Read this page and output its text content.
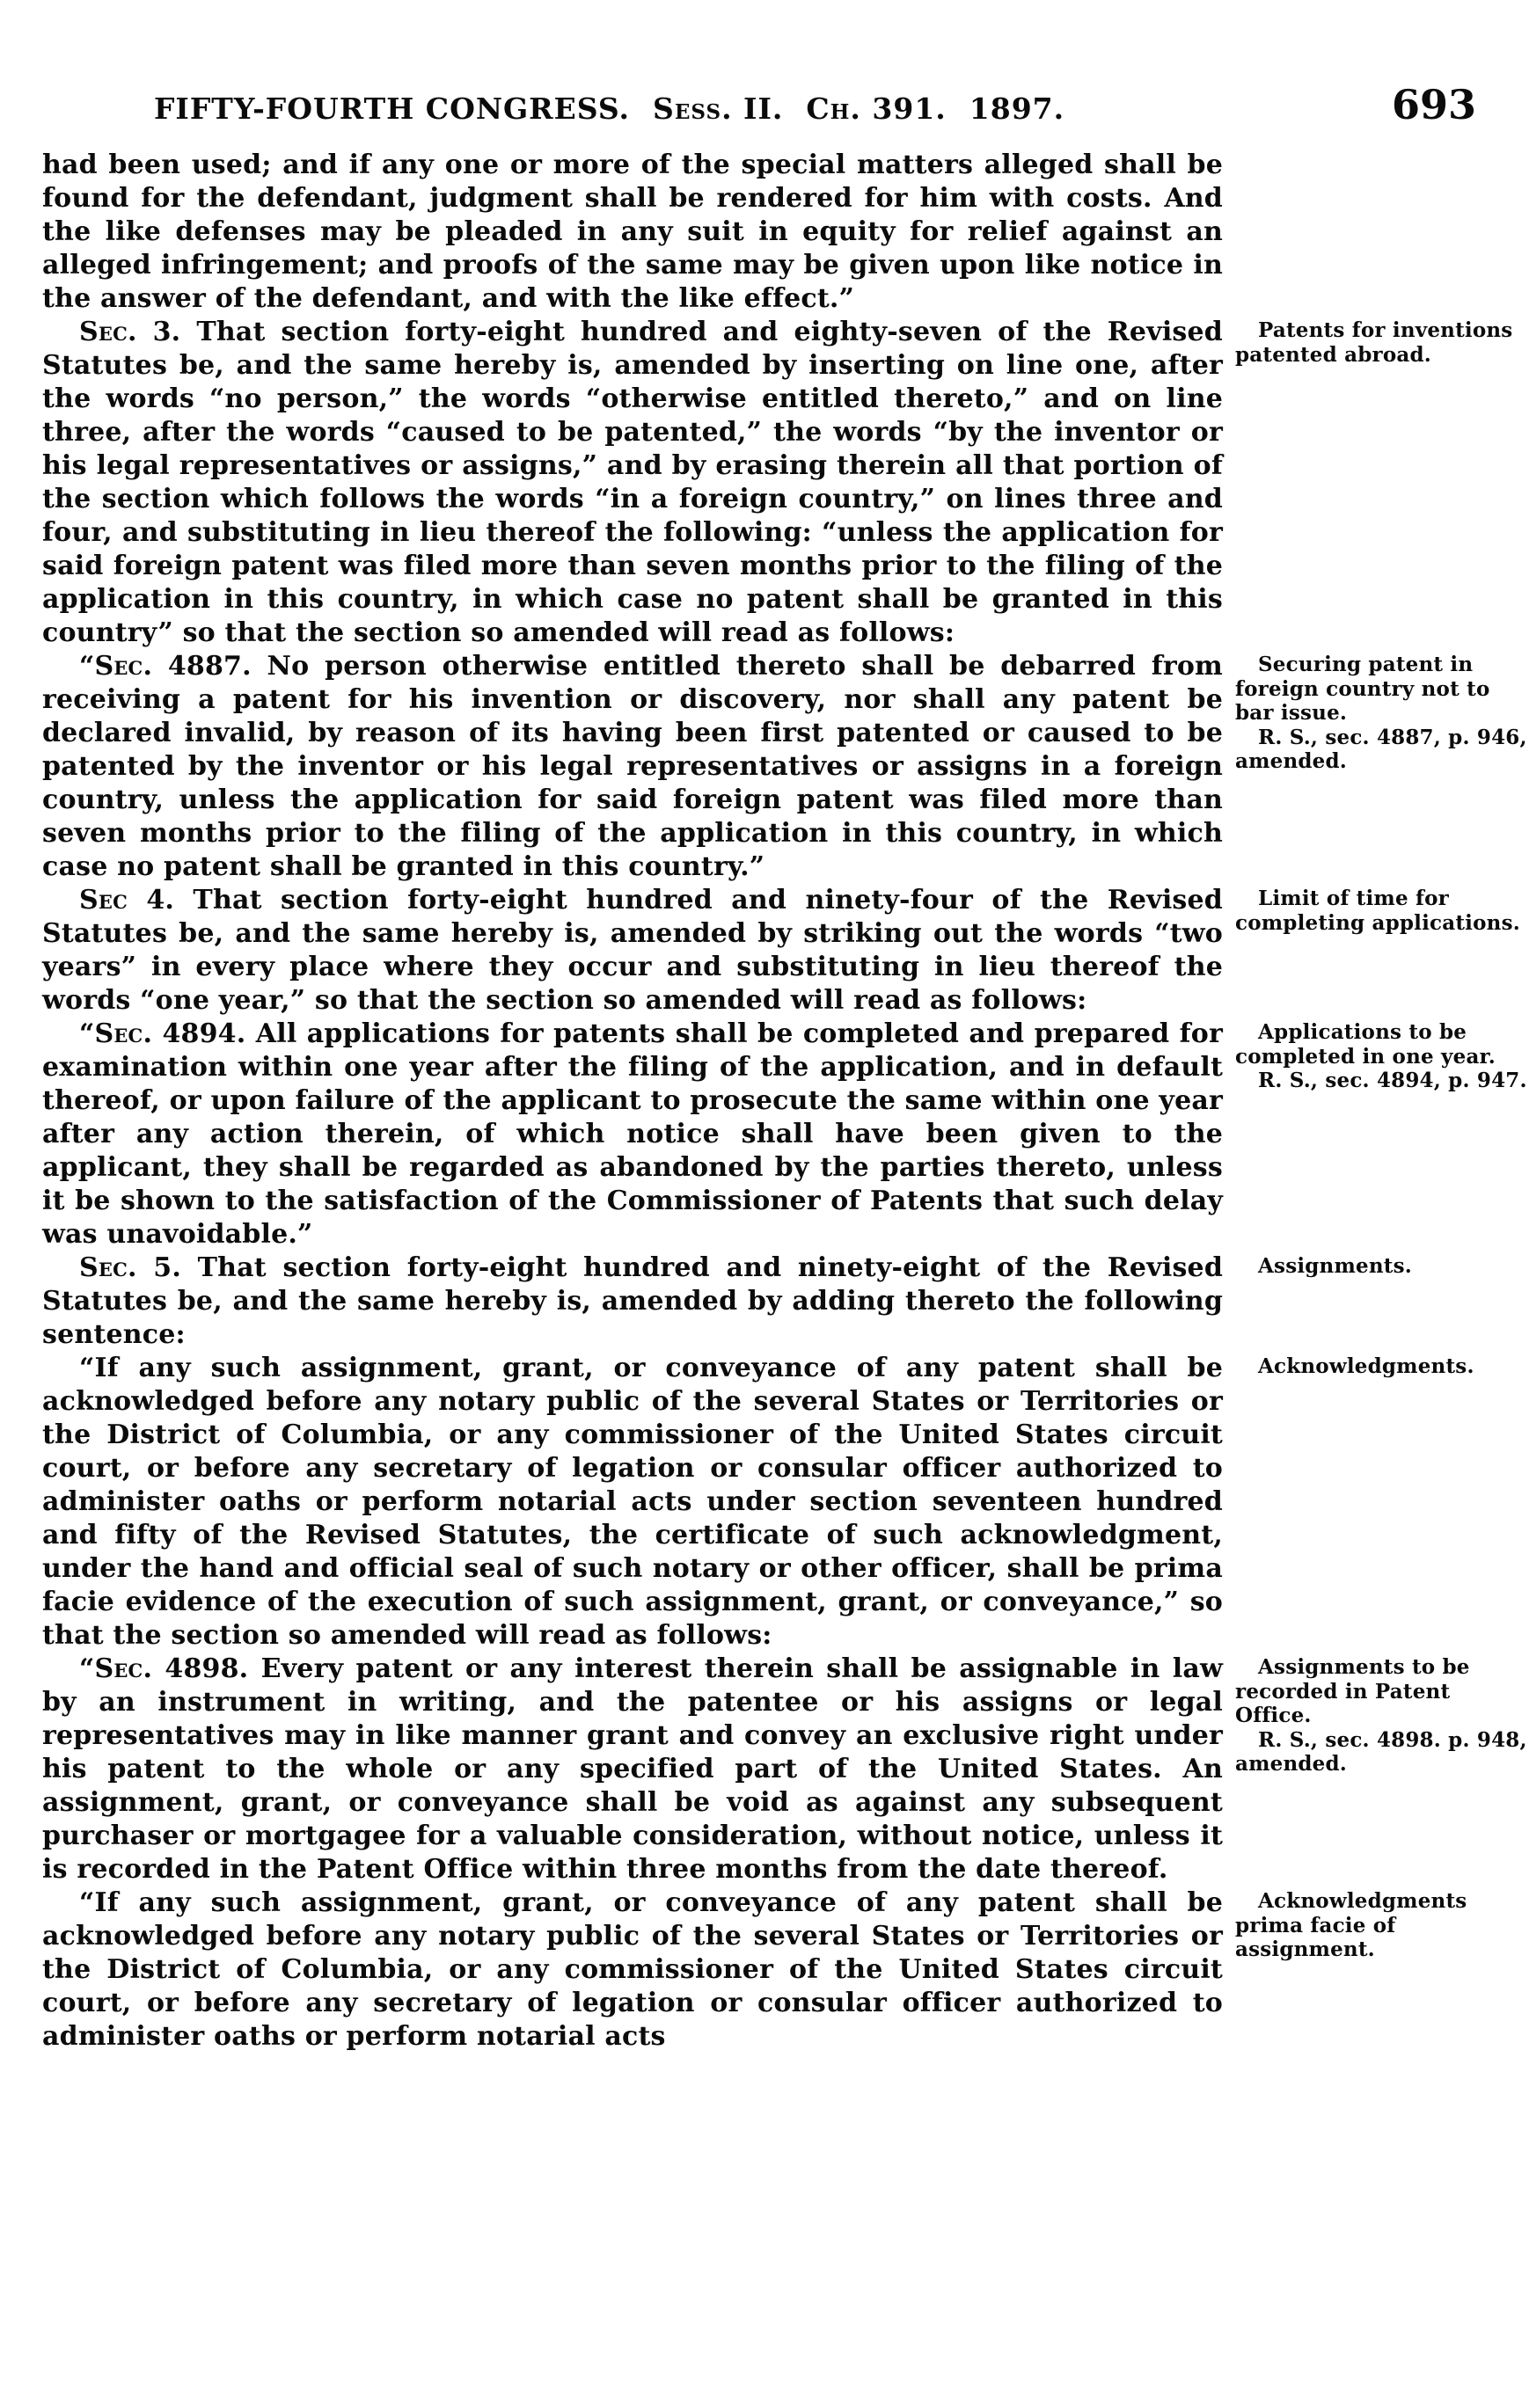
FIFTY-FOURTH CONGRESS. Sess. II. Ch. 391. 1897.	693

had been used; and if any one or more of the special matters alleged shall be found for the defendant, judgment shall be rendered for him with costs. And the like defenses may be pleaded in any suit in equity for relief against an alleged infringement; and proofs of the same may be given upon like notice in the answer of the defendant, and with the like effect.”

Sec. 3. That section forty-eight hundred and eighty-seven of the Revised Statutes be, and the same hereby is, amended by inserting on line one, after the words “no person,” the words “otherwise entitled thereto,” and on line three, after the words “caused to be patented,” the words “by the inventor or his legal representatives or assigns,” and by erasing therein all that portion of the section which follows the words “in a foreign country,” on lines three and four, and substituting in lieu thereof the following: “unless the application for said foreign patent was filed more than seven months prior to the filing of the application in this country, in which case no patent shall be granted in this country” so that the section so amended will read as follows:

Patents for inventions patented abroad.

“Sec. 4887. No person otherwise entitled thereto shall be debarred from receiving a patent for his invention or discovery, nor shall any patent be declared invalid, by reason of its having been first patented or caused to be patented by the inventor or his legal representatives or assigns in a foreign country, unless the application for said foreign patent was filed more than seven months prior to the filing of the application in this country, in which case no patent shall be granted in this country.”

Securing patent in foreign country not to bar issue.
R. S., sec. 4887, p. 946, amended.

Sec 4. That section forty-eight hundred and ninety-four of the Revised Statutes be, and the same hereby is, amended by striking out the words “two years” in every place where they occur and substituting in lieu thereof the words “one year,” so that the section so amended will read as follows:

Limit of time for completing applications.

“Sec. 4894. All applications for patents shall be completed and prepared for examination within one year after the filing of the application, and in default thereof, or upon failure of the applicant to prosecute the same within one year after any action therein, of which notice shall have been given to the applicant, they shall be regarded as abandoned by the parties thereto, unless it be shown to the satisfaction of the Commissioner of Patents that such delay was unavoidable.”

Applications to be completed in one year.
R. S., sec. 4894, p. 947.

Sec. 5. That section forty-eight hundred and ninety-eight of the Revised Statutes be, and the same hereby is, amended by adding thereto the following sentence:

Assignments.

“If any such assignment, grant, or conveyance of any patent shall be acknowledged before any notary public of the several States or Territories or the District of Columbia, or any commissioner of the United States circuit court, or before any secretary of legation or consular officer authorized to administer oaths or perform notarial acts under section seventeen hundred and fifty of the Revised Statutes, the certificate of such acknowledgment, under the hand and official seal of such notary or other officer, shall be prima facie evidence of the execution of such assignment, grant, or conveyance,” so that the section so amended will read as follows:

Acknowledgments.

“Sec. 4898. Every patent or any interest therein shall be assignable in law by an instrument in writing, and the patentee or his assigns or legal representatives may in like manner grant and convey an exclusive right under his patent to the whole or any specified part of the United States. An assignment, grant, or conveyance shall be void as against any subsequent purchaser or mortgagee for a valuable consideration, without notice, unless it is recorded in the Patent Office within three months from the date thereof.

Assignments to be recorded in Patent Office.
R. S., sec. 4898. p. 948, amended.

“If any such assignment, grant, or conveyance of any patent shall be acknowledged before any notary public of the several States or Territories or the District of Columbia, or any commissioner of the United States circuit court, or before any secretary of legation or consular officer authorized to administer oaths or perform notarial acts

Acknowledgments prima facie of assignment.
